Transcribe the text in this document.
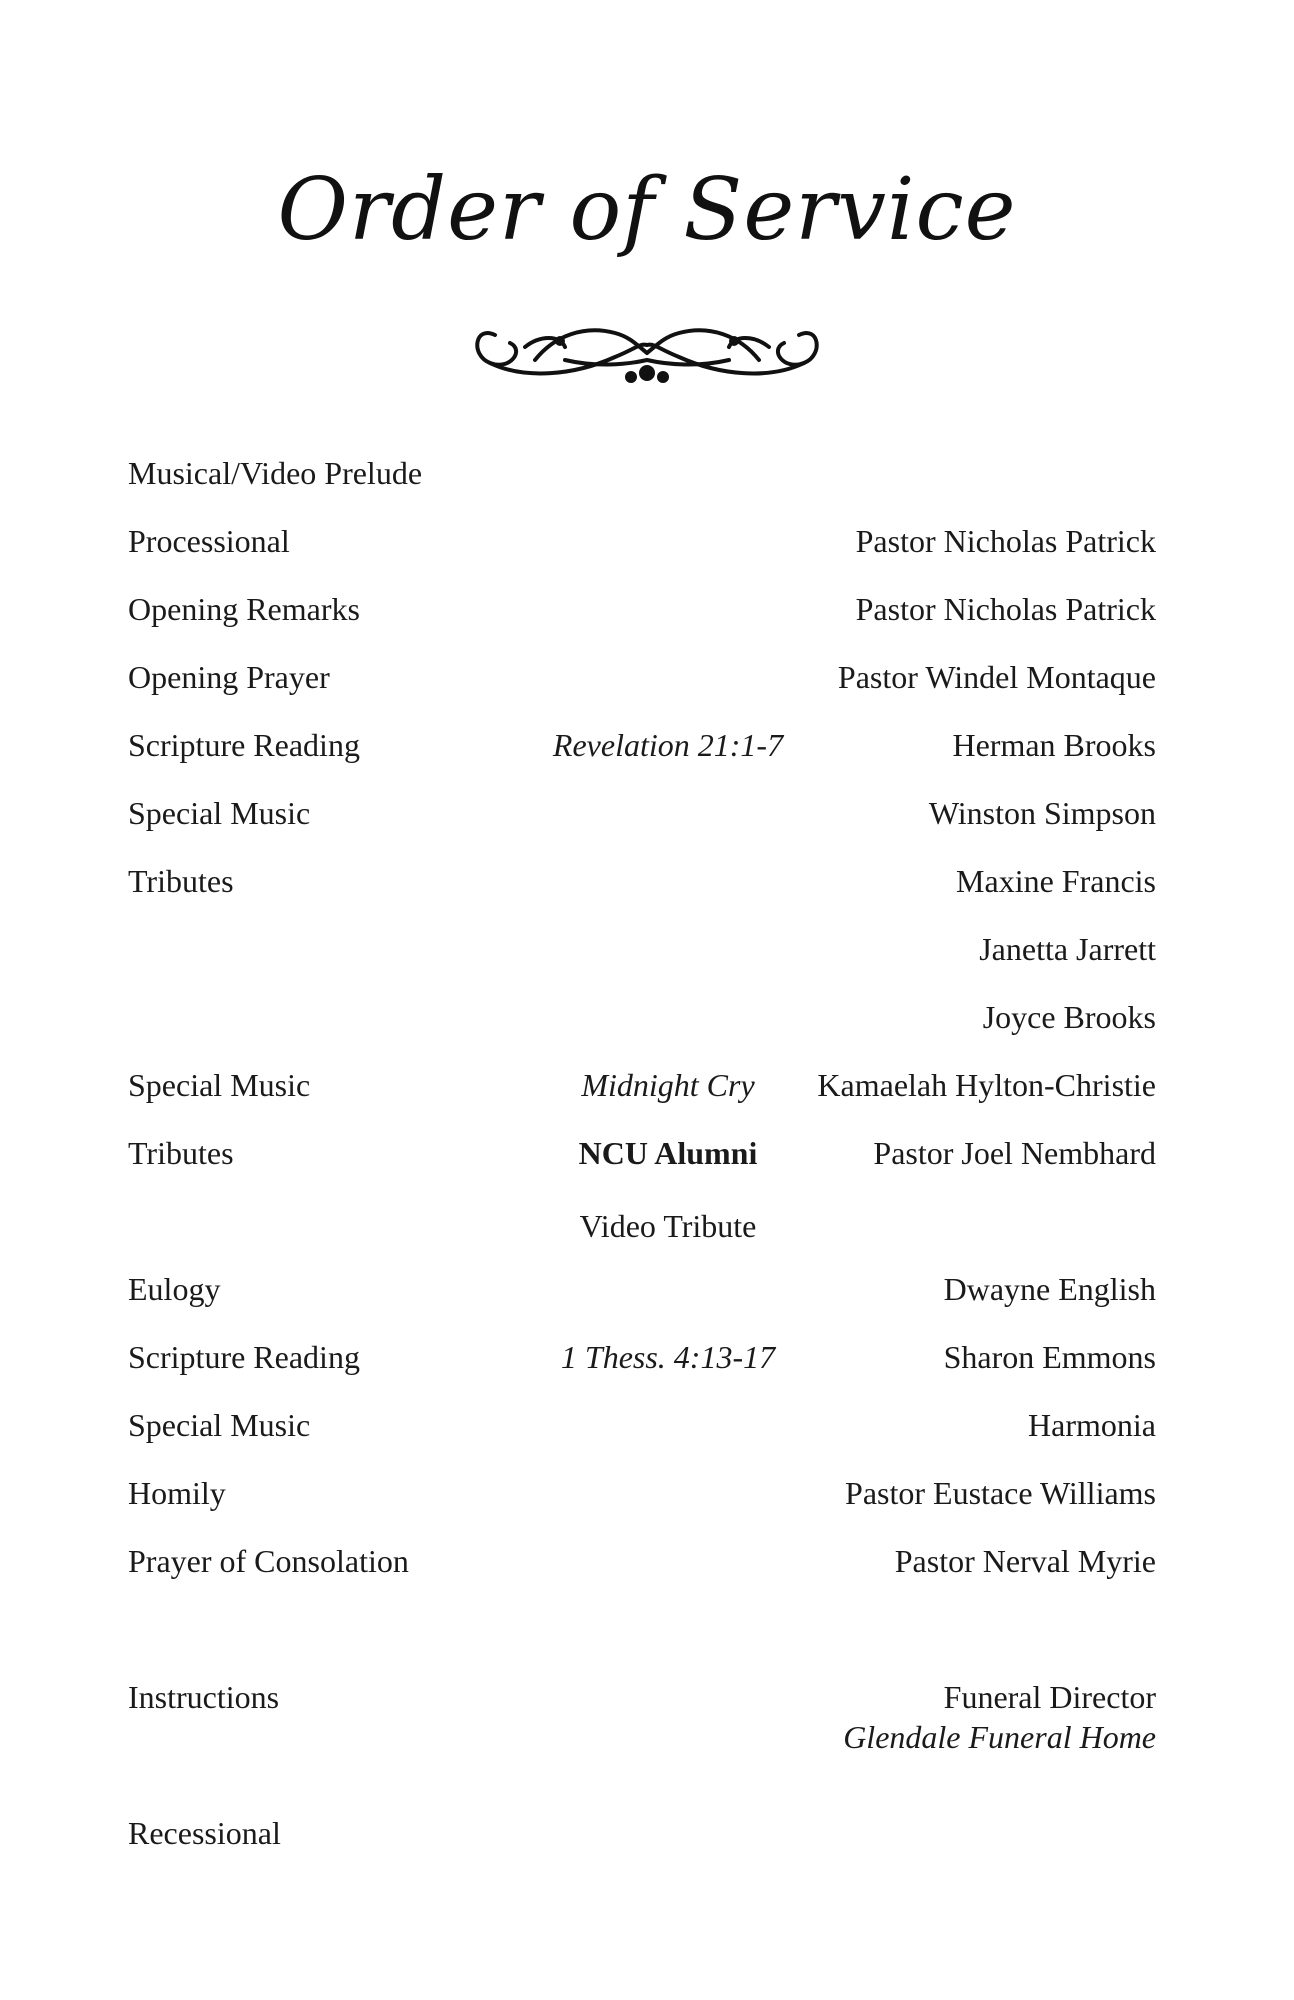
Order of Service
Musical/Video Prelude
Processional	Pastor Nicholas Patrick
Opening Remarks	Pastor Nicholas Patrick
Opening Prayer	Pastor Windel Montaque
Scripture Reading	Revelation 21:1-7	Herman Brooks
Special Music	Winston Simpson
Tributes	Maxine Francis
Janetta Jarrett
Joyce Brooks
Special Music	Midnight Cry	Kamaelah Hylton-Christie
Tributes	NCU Alumni	Pastor Joel Nembhard
Video Tribute
Eulogy	Dwayne English
Scripture Reading	1 Thess. 4:13-17	Sharon Emmons
Special Music	Harmonia
Homily	Pastor Eustace Williams
Prayer of Consolation	Pastor Nerval Myrie
Instructions	Funeral Director
Glendale Funeral Home
Recessional
